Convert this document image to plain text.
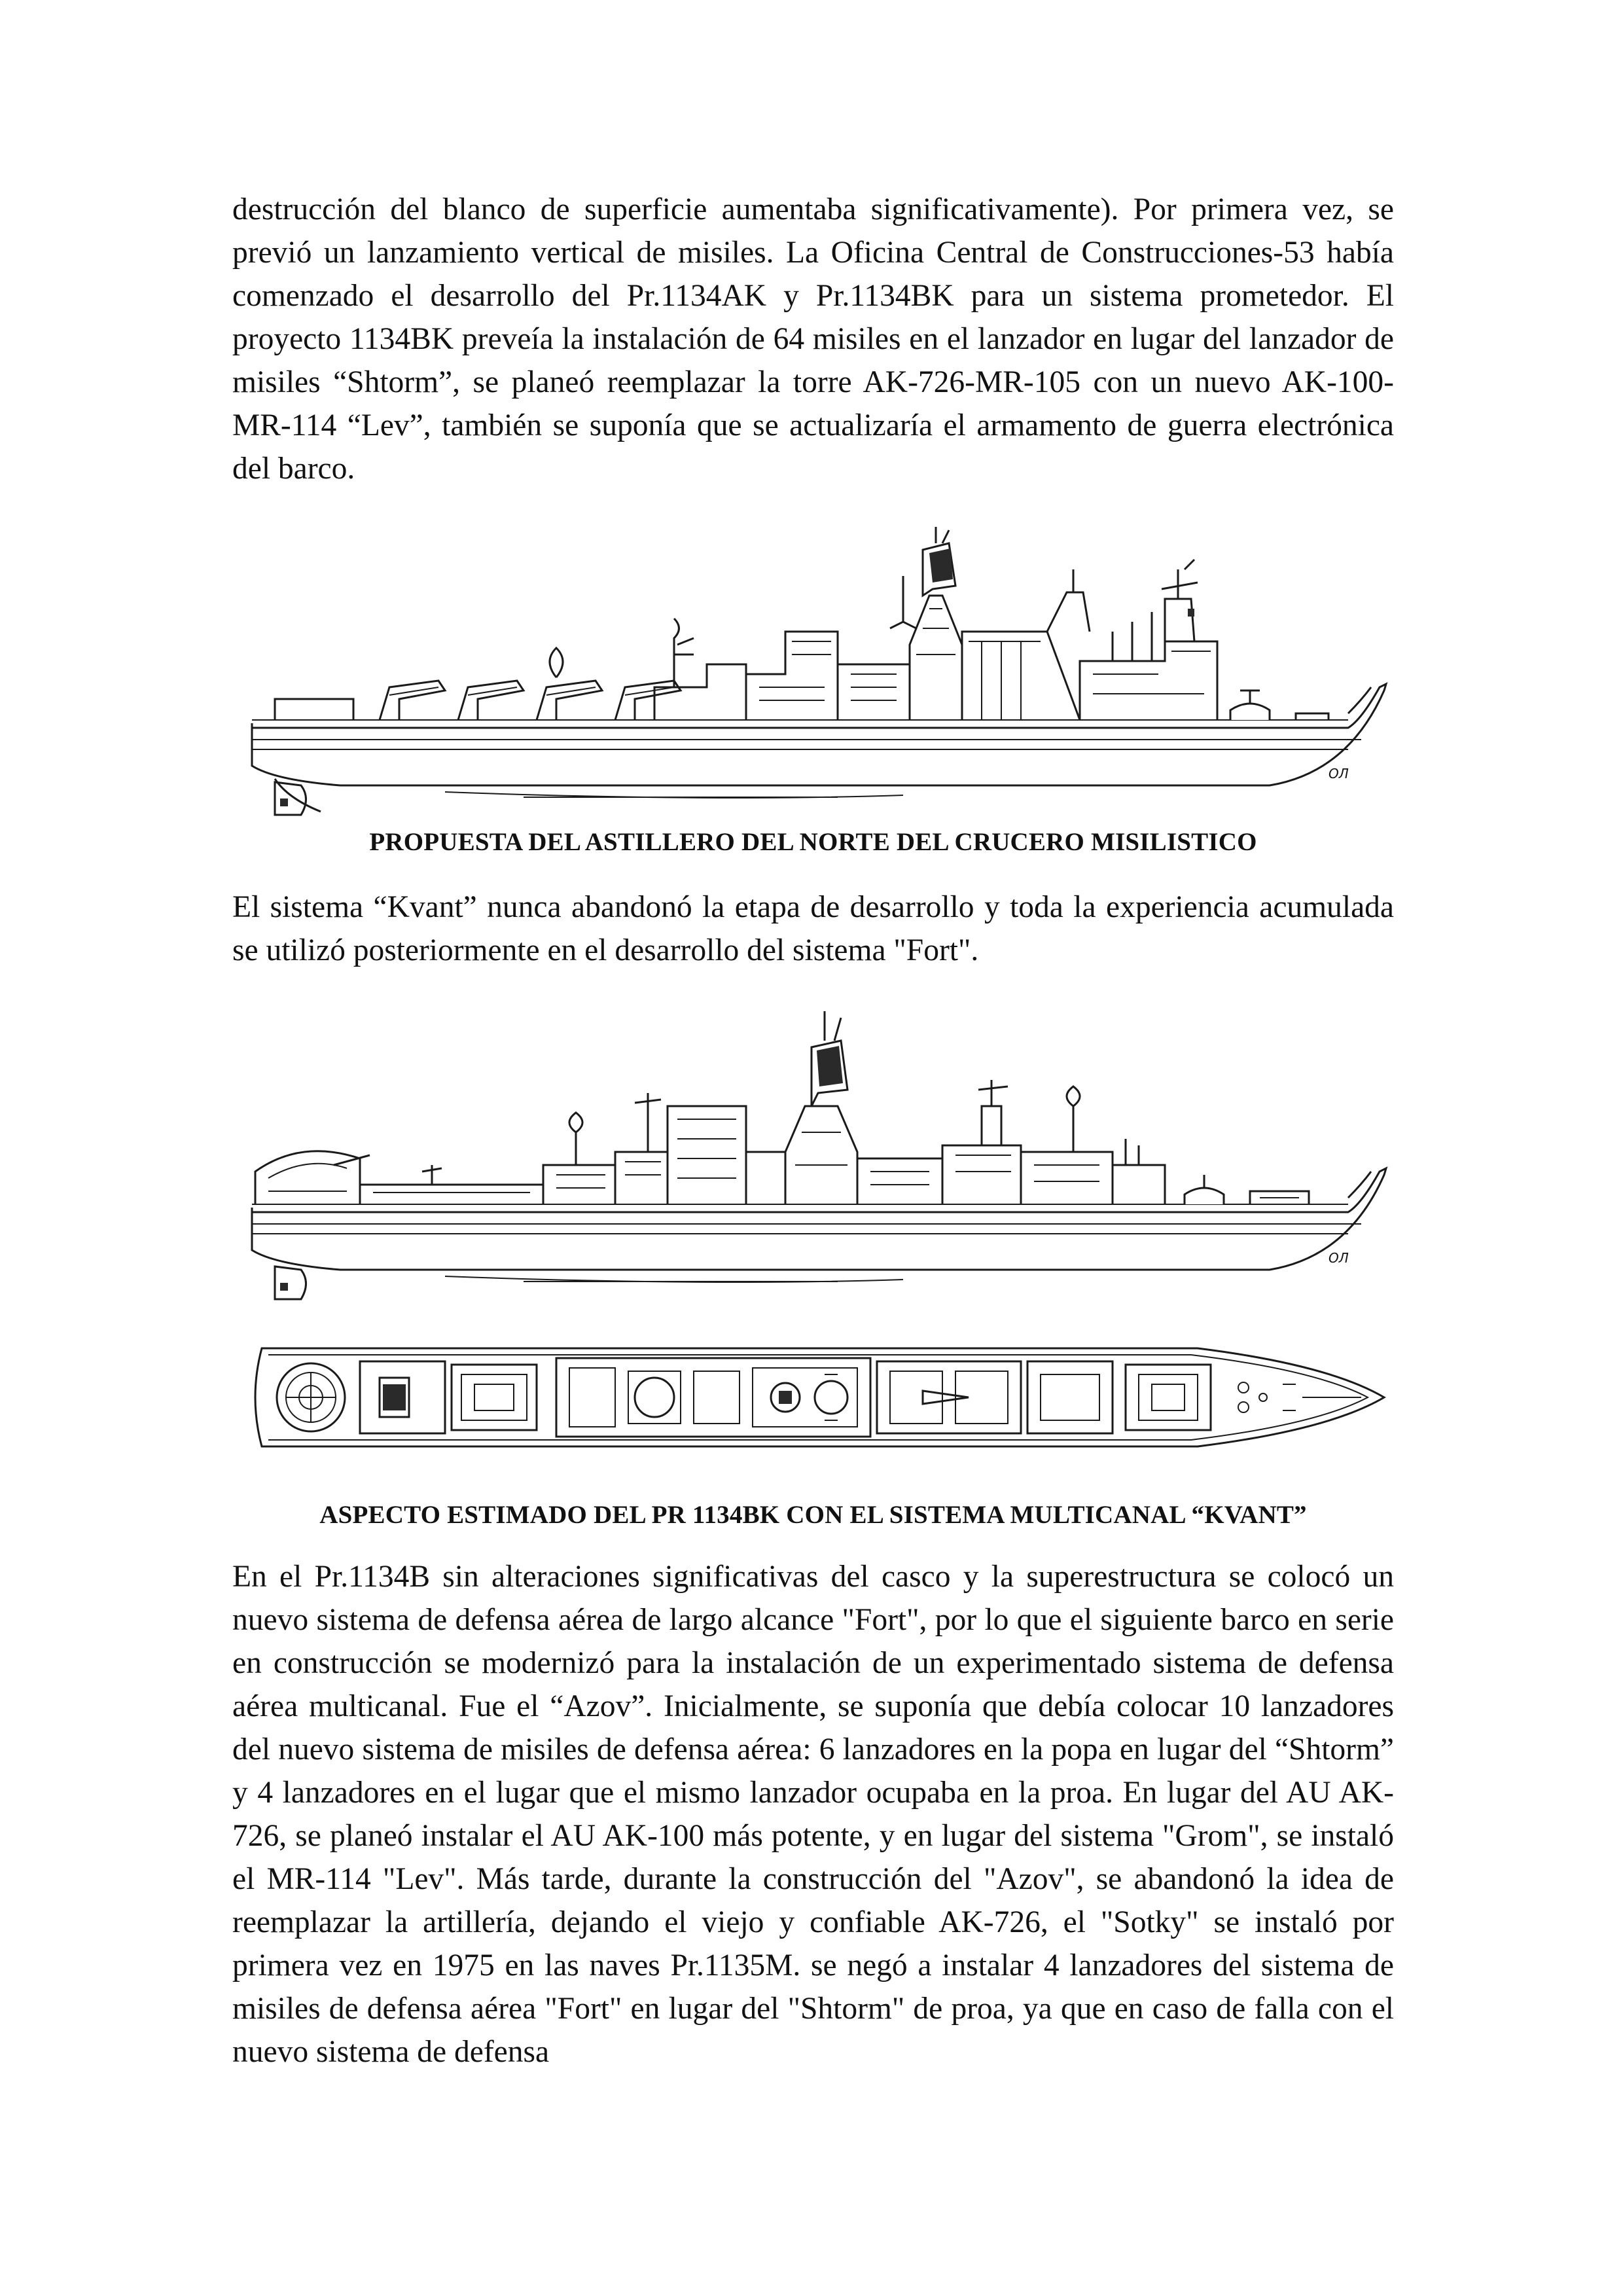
destrucción del blanco de superficie aumentaba significativamente). Por primera vez, se previó un lanzamiento vertical de misiles. La Oficina Central de Construcciones-53 había comenzado el desarrollo del Pr.1134AK y Pr.1134BK para un sistema prometedor. El proyecto 1134BK preveía la instalación de 64 misiles en el lanzador en lugar del lanzador de misiles “Shtorm”, se planeó reemplazar la torre AK-726-MR-105 con un nuevo AK-100-MR-114 “Lev”, también se suponía que se actualizaría el armamento de guerra electrónica del barco.

ОЛ

PROPUESTA DEL ASTILLERO DEL NORTE DEL CRUCERO MISILISTICO

El sistema “Kvant” nunca abandonó la etapa de desarrollo y toda la experiencia acumulada se utilizó posteriormente en el desarrollo del sistema "Fort".

ОЛ

ASPECTO ESTIMADO DEL PR 1134BK CON EL SISTEMA MULTICANAL “KVANT”

En el Pr.1134B sin alteraciones significativas del casco y la superestructura se colocó un nuevo sistema de defensa aérea de largo alcance "Fort", por lo que el siguiente barco en serie en construcción se modernizó para la instalación de un experimentado sistema de defensa aérea multicanal. Fue el “Azov”. Inicialmente, se suponía que debía colocar 10 lanzadores del nuevo sistema de misiles de defensa aérea: 6 lanzadores en la popa en lugar del “Shtorm” y 4 lanzadores en el lugar que el mismo lanzador ocupaba en la proa. En lugar del AU AK-726, se planeó instalar el AU AK-100 más potente, y en lugar del sistema "Grom", se instaló el MR-114 "Lev". Más tarde, durante la construcción del "Azov", se abandonó la idea de reemplazar la artillería, dejando el viejo y confiable AK-726, el "Sotky" se instaló por primera vez en 1975 en las naves Pr.1135M. se negó a instalar 4 lanzadores del sistema de misiles de defensa aérea "Fort" en lugar del "Shtorm" de proa, ya que en caso de falla con el nuevo sistema de defensa
